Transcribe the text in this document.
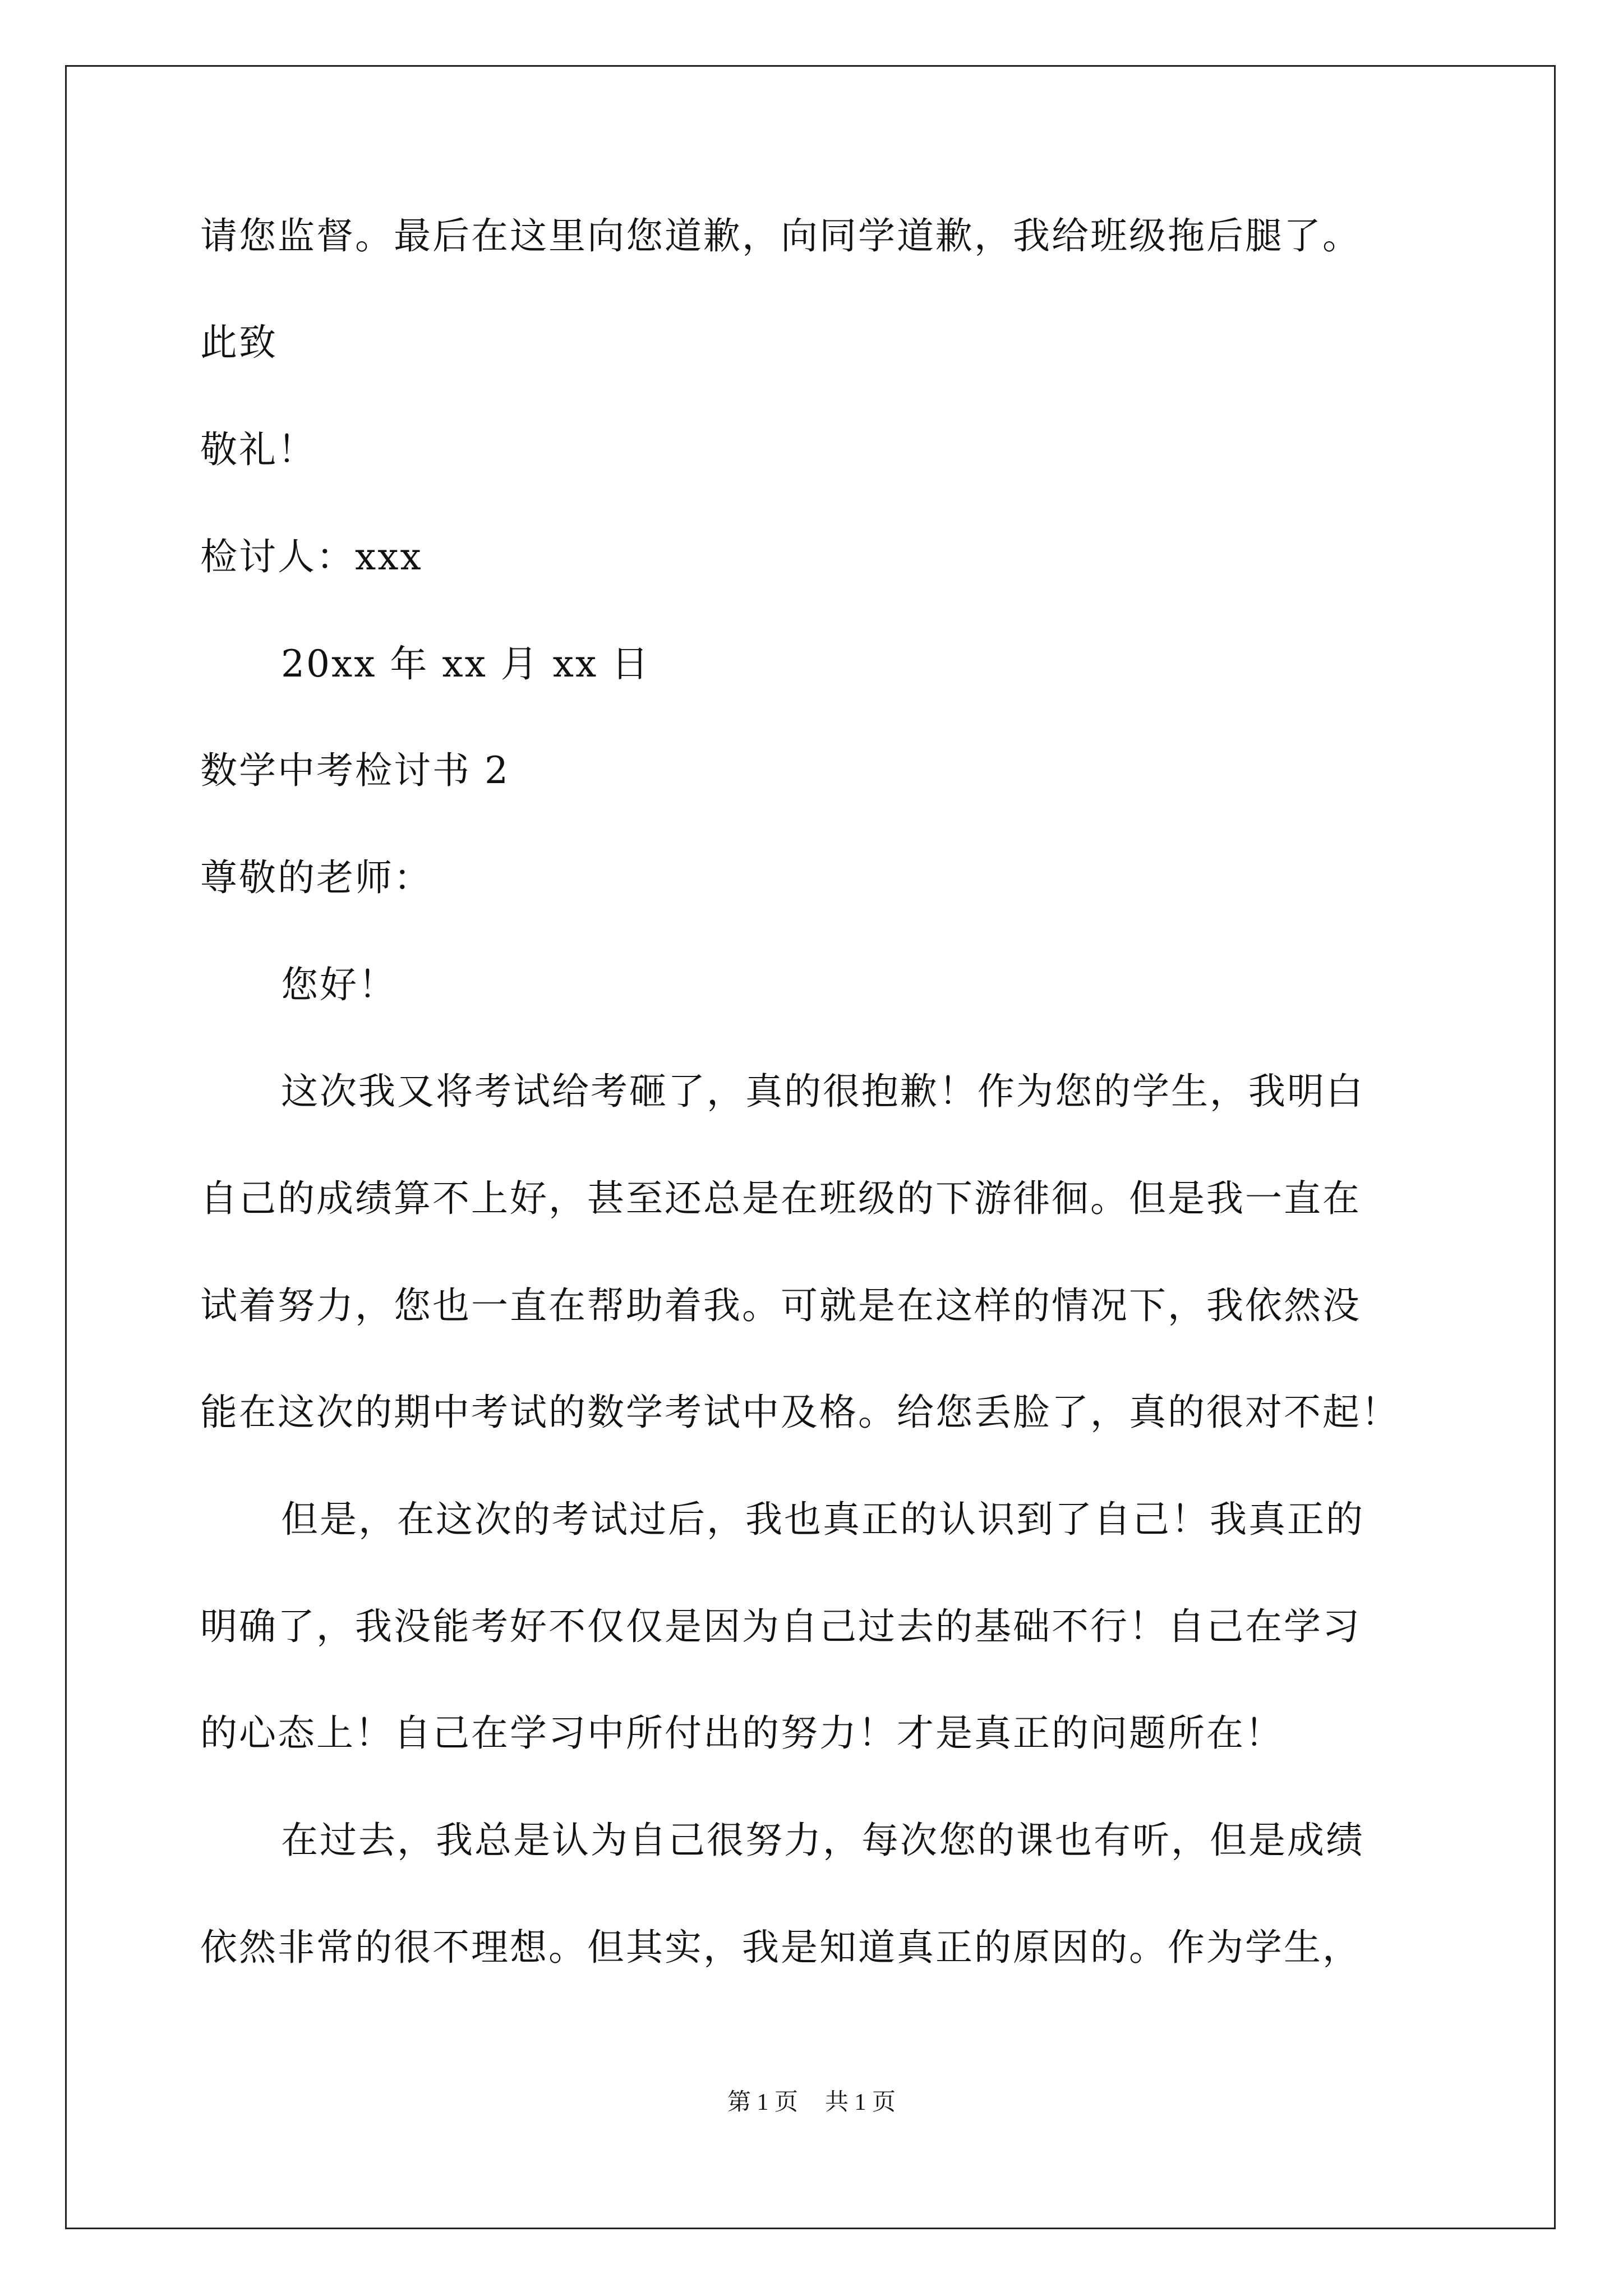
请您监督。最后在这里向您道歉，向同学道歉，我给班级拖后腿了。
此致
敬礼！
检讨人：xxx
20xx 年 xx 月 xx 日
数学中考检讨书 2
尊敬的老师：
您好！
这次我又将考试给考砸了，真的很抱歉！作为您的学生，我明白
自己的成绩算不上好，甚至还总是在班级的下游徘徊。但是我一直在
试着努力，您也一直在帮助着我。可就是在这样的情况下，我依然没
能在这次的期中考试的数学考试中及格。给您丢脸了，真的很对不起！
但是，在这次的考试过后，我也真正的认识到了自己！我真正的
明确了，我没能考好不仅仅是因为自己过去的基础不行！自己在学习
的心态上！自己在学习中所付出的努力！才是真正的问题所在！
在过去，我总是认为自己很努力，每次您的课也有听，但是成绩
依然非常的很不理想。但其实，我是知道真正的原因的。作为学生，
第 1 页 共 1 页
